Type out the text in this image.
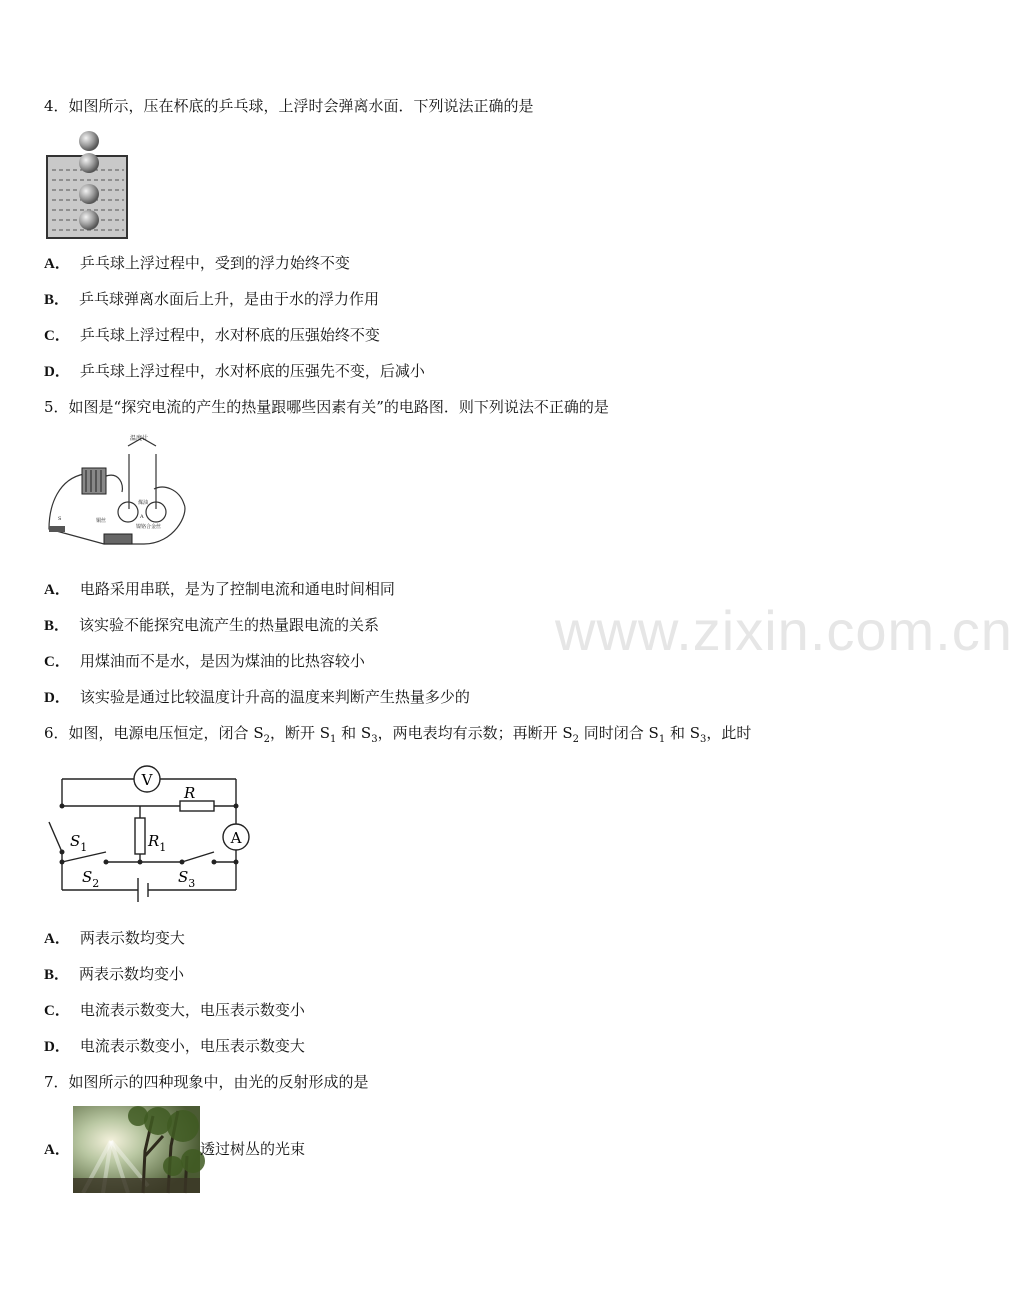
www.zixin.com.cn
4．如图所示，压在杯底的乒乓球，上浮时会弹离水面．下列说法正确的是
A． 乒乓球上浮过程中，受到的浮力始终不变
B． 乒乓球弹离水面后上升，是由于水的浮力作用
C． 乒乓球上浮过程中，水对杯底的压强始终不变
D． 乒乓球上浮过程中，水对杯底的压强先不变，后减小
5．如图是“探究电流的产生的热量跟哪些因素有关”的电路图．则下列说法不正确的是
温度计
煤油
铜丝
镍铬合金丝
S	A
A． 电路采用串联，是为了控制电流和通电时间相同
B． 该实验不能探究电流产生的热量跟电流的关系
C． 用煤油而不是水，是因为煤油的比热容较小
D． 该实验是通过比较温度计升高的温度来判断产生热量多少的
6．如图，电源电压恒定，闭合 $S_2$，断开 $S_1$ 和 $S_3$，两电表均有示数；再断开 $S_2$ 同时闭合 $S_1$ 和 $S_3$，此时
V
A
R
$R_1$
$S_1$
$S_2$	$S_3$
A． 两表示数均变大
B． 两表示数均变小
C． 电流表示数变大，电压表示数变小
D． 电流表示数变小，电压表示数变大
7．如图所示的四种现象中，由光的反射形成的是
A．	透过树丛的光束
